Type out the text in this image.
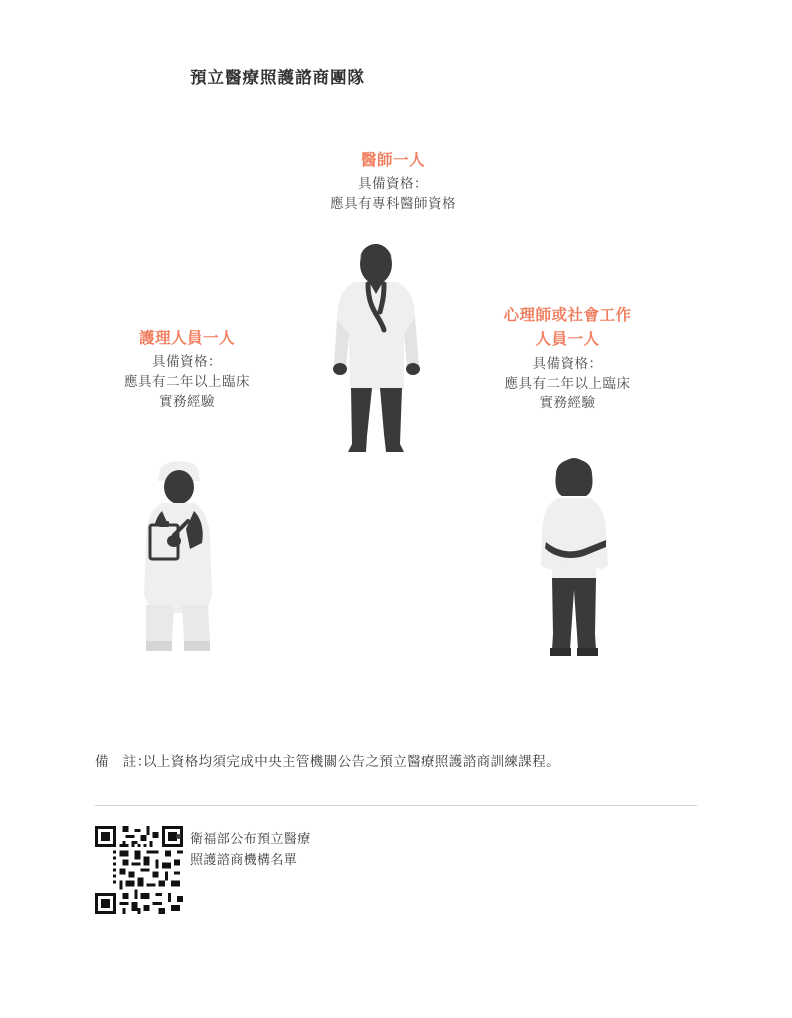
預立醫療照護諮商團隊
醫師一人
具備資格：
應具有專科醫師資格
護理人員一人
具備資格：
應具有二年以上臨床
實務經驗
心理師或社會工作
人員一人
具備資格：
應具有二年以上臨床
實務經驗
備　註：以上資格均須完成中央主管機關公告之預立醫療照護諮商訓練課程。
衛福部公布預立醫療
照護諮商機構名單
